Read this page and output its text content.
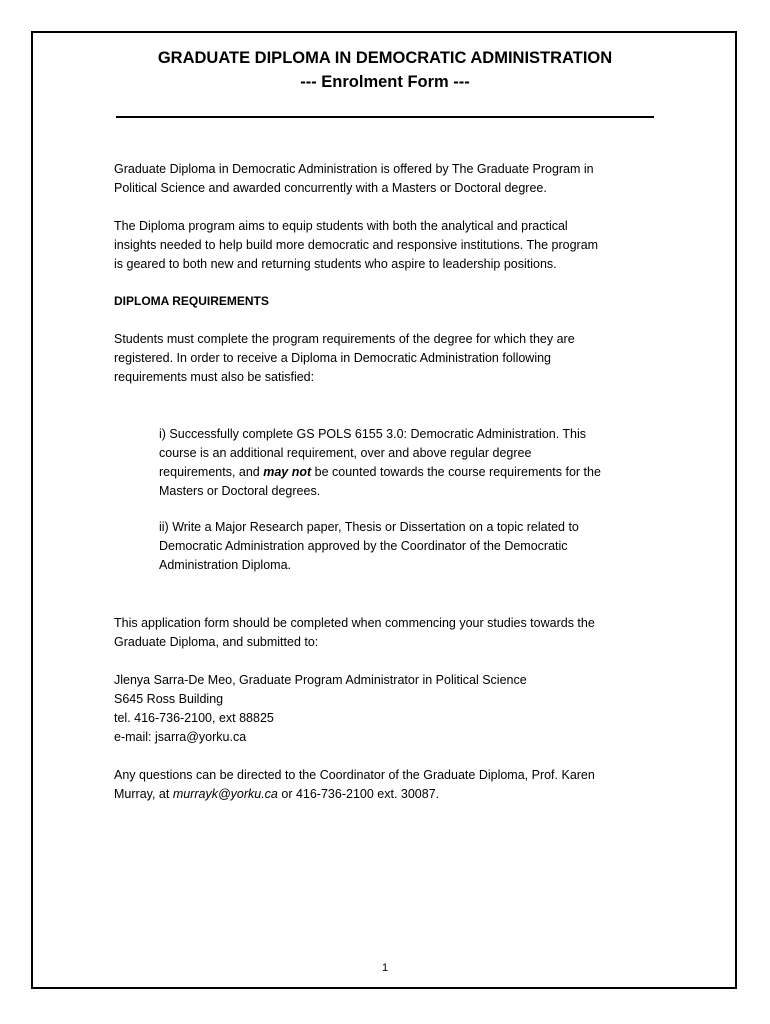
GRADUATE DIPLOMA IN DEMOCRATIC ADMINISTRATION
--- Enrolment Form ---
Graduate Diploma in Democratic Administration is offered by The Graduate Program in
Political Science and awarded concurrently with a Masters or Doctoral degree.
The Diploma program aims to equip students with both the analytical and practical
insights needed to help build more democratic and responsive institutions. The program
is geared to both new and returning students who aspire to leadership positions.
DIPLOMA REQUIREMENTS
Students must complete the program requirements of the degree for which they are
registered. In order to receive a Diploma in Democratic Administration following
requirements must also be satisfied:
i) Successfully complete GS POLS 6155 3.0: Democratic Administration. This
course is an additional requirement, over and above regular degree
requirements, and may not be counted towards the course requirements for the
Masters or Doctoral degrees.
ii) Write a Major Research paper, Thesis or Dissertation on a topic related to
Democratic Administration approved by the Coordinator of the Democratic
Administration Diploma.
This application form should be completed when commencing your studies towards the
Graduate Diploma, and submitted to:
Jlenya Sarra-De Meo, Graduate Program Administrator in Political Science
S645 Ross Building
tel. 416-736-2100, ext 88825
e-mail: jsarra@yorku.ca
Any questions can be directed to the Coordinator of the Graduate Diploma, Prof. Karen
Murray, at murrayk@yorku.ca or 416-736-2100 ext. 30087.
1
